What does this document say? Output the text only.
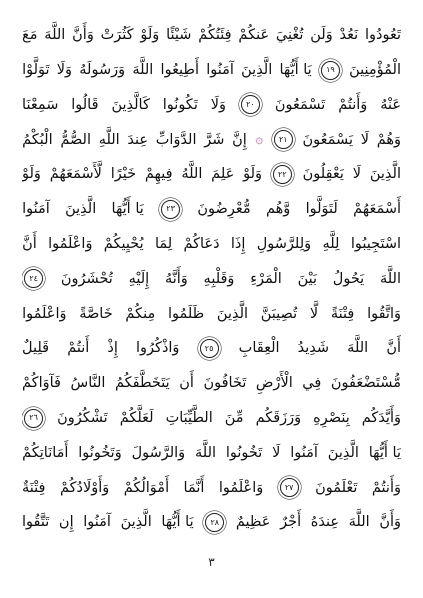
تَعُودُوا
نَعُدْ
وَلَن
تُغْنِيَ
عَنكُمْ
فِئَتُكُمْ
شَيْئًا
وَلَوْ
كَثُرَتْ
وَأَنَّ
اللَّهَ
مَعَ
الْمُؤْمِنِينَ
١٩
يَا أَيُّهَا
الَّذِينَ
آمَنُوا
أَطِيعُوا
اللَّهَ
وَرَسُولَهُ
وَلَا
تَوَلَّوْا
عَنْهُ
وَأَنتُمْ
تَسْمَعُونَ
٢٠
وَلَا
تَكُونُوا
كَالَّذِينَ
قَالُوا
سَمِعْنَا
وَهُمْ
لَا
يَسْمَعُونَ
٢١
۞
إِنَّ
شَرَّ
الدَّوَابِّ
عِندَ
اللَّهِ
الصُّمُّ
الْبُكْمُ
الَّذِينَ
لَا
يَعْقِلُونَ
٢٢
وَلَوْ
عَلِمَ
اللَّهُ
فِيهِمْ
خَيْرًا
لَّأَسْمَعَهُمْ
وَلَوْ
أَسْمَعَهُمْ
لَتَوَلَّوا
وَّهُم
مُّعْرِضُونَ
٢٣
يَا أَيُّهَا
الَّذِينَ
آمَنُوا
اسْتَجِيبُوا
لِلَّهِ
وَلِلرَّسُولِ
إِذَا
دَعَاكُمْ
لِمَا
يُحْيِيكُمْ
وَاعْلَمُوا
أَنَّ
اللَّهَ
يَحُولُ
بَيْنَ
الْمَرْءِ
وَقَلْبِهِ
وَأَنَّهُ
إِلَيْهِ
تُحْشَرُونَ
٢٤
وَاتَّقُوا
فِتْنَةً
لَّا
تُصِيبَنَّ
الَّذِينَ
ظَلَمُوا
مِنكُمْ
خَاصَّةً
وَاعْلَمُوا
أَنَّ
اللَّهَ
شَدِيدُ
الْعِقَابِ
٢٥
وَاذْكُرُوا
إِذْ
أَنتُمْ
قَلِيلٌ
مُّسْتَضْعَفُونَ
فِي
الْأَرْضِ
تَخَافُونَ
أَن
يَتَخَطَّفَكُمُ
النَّاسُ
فَآوَاكُمْ
وَأَيَّدَكُم
بِنَصْرِهِ
وَرَزَقَكُم
مِّنَ
الطَّيِّبَاتِ
لَعَلَّكُمْ
تَشْكُرُونَ
٢٦
يَا أَيُّهَا
الَّذِينَ
آمَنُوا
لَا
تَخُونُوا
اللَّهَ
وَالرَّسُولَ
وَتَخُونُوا
أَمَانَاتِكُمْ
وَأَنتُمْ
تَعْلَمُونَ
٢٧
وَاعْلَمُوا
أَنَّمَا
أَمْوَالُكُمْ
وَأَوْلَادُكُمْ
فِتْنَةٌ
وَأَنَّ
اللَّهَ
عِندَهُ
أَجْرٌ
عَظِيمٌ
٢٨
يَا أَيُّهَا
الَّذِينَ
آمَنُوا
إِن
تَتَّقُوا
٣
